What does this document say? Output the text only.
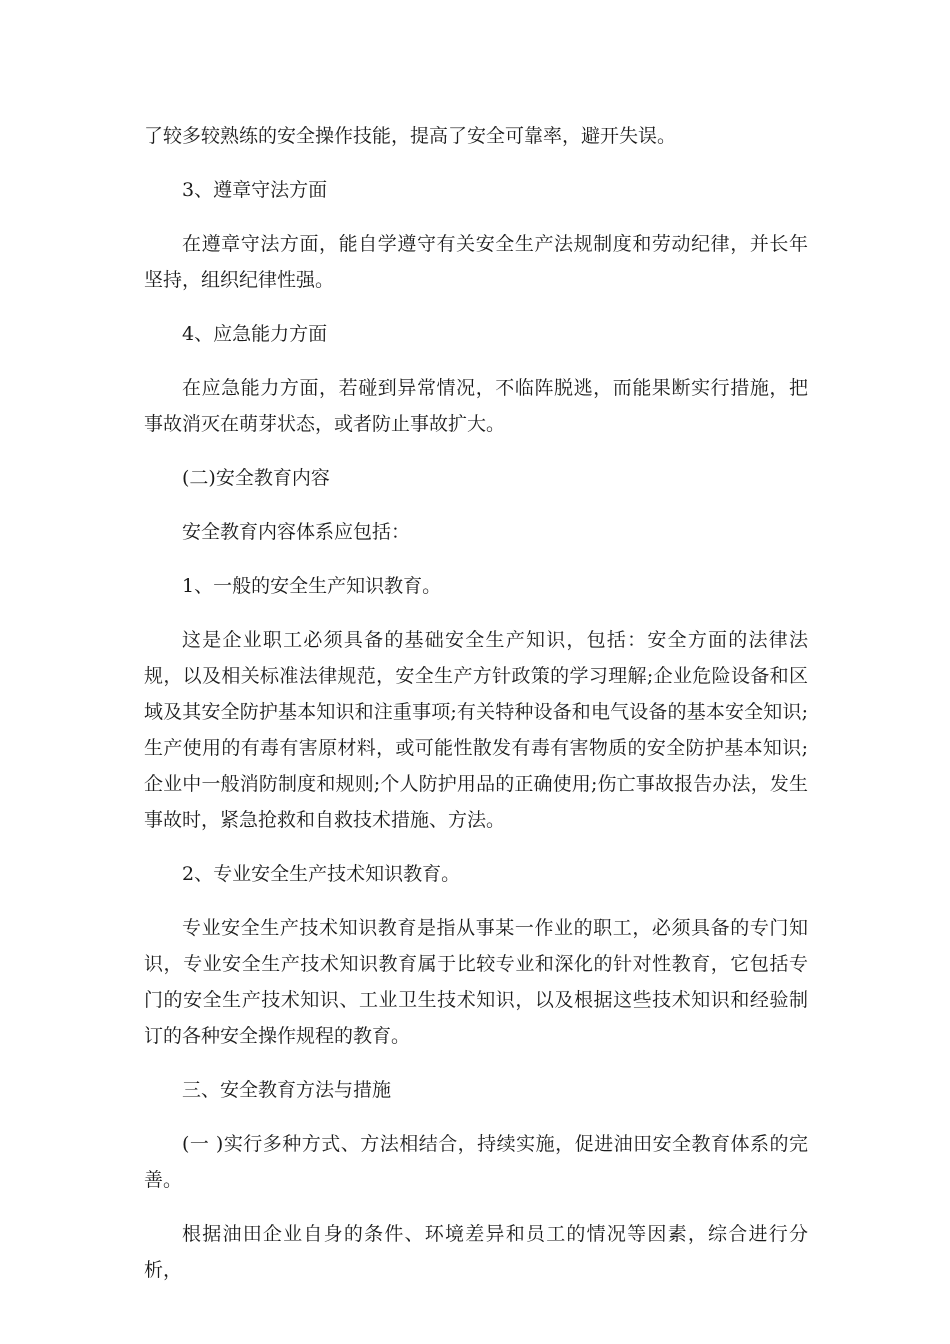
了较多较熟练的安全操作技能，提高了安全可靠率，避开失误。

3、遵章守法方面

在遵章守法方面，能自学遵守有关安全生产法规制度和劳动纪律，并长年坚持，组织纪律性强。

4、应急能力方面

在应急能力方面，若碰到异常情况，不临阵脱逃，而能果断实行措施，把事故消灭在萌芽状态，或者防止事故扩大。

(二)安全教育内容

安全教育内容体系应包括：

1、一般的安全生产知识教育。

这是企业职工必须具备的基础安全生产知识，包括：安全方面的法律法规，以及相关标准法律规范，安全生产方针政策的学习理解;企业危险设备和区域及其安全防护基本知识和注重事项;有关特种设备和电气设备的基本安全知识;生产使用的有毒有害原材料，或可能性散发有毒有害物质的安全防护基本知识;企业中一般消防制度和规则;个人防护用品的正确使用;伤亡事故报告办法，发生事故时，紧急抢救和自救技术措施、方法。

2、专业安全生产技术知识教育。

专业安全生产技术知识教育是指从事某一作业的职工，必须具备的专门知识，专业安全生产技术知识教育属于比较专业和深化的针对性教育，它包括专门的安全生产技术知识、工业卫生技术知识，以及根据这些技术知识和经验制订的各种安全操作规程的教育。

三、安全教育方法与措施

(一 )实行多种方式、方法相结合，持续实施，促进油田安全教育体系的完善。

根据油田企业自身的条件、环境差异和员工的情况等因素，综合进行分析，
